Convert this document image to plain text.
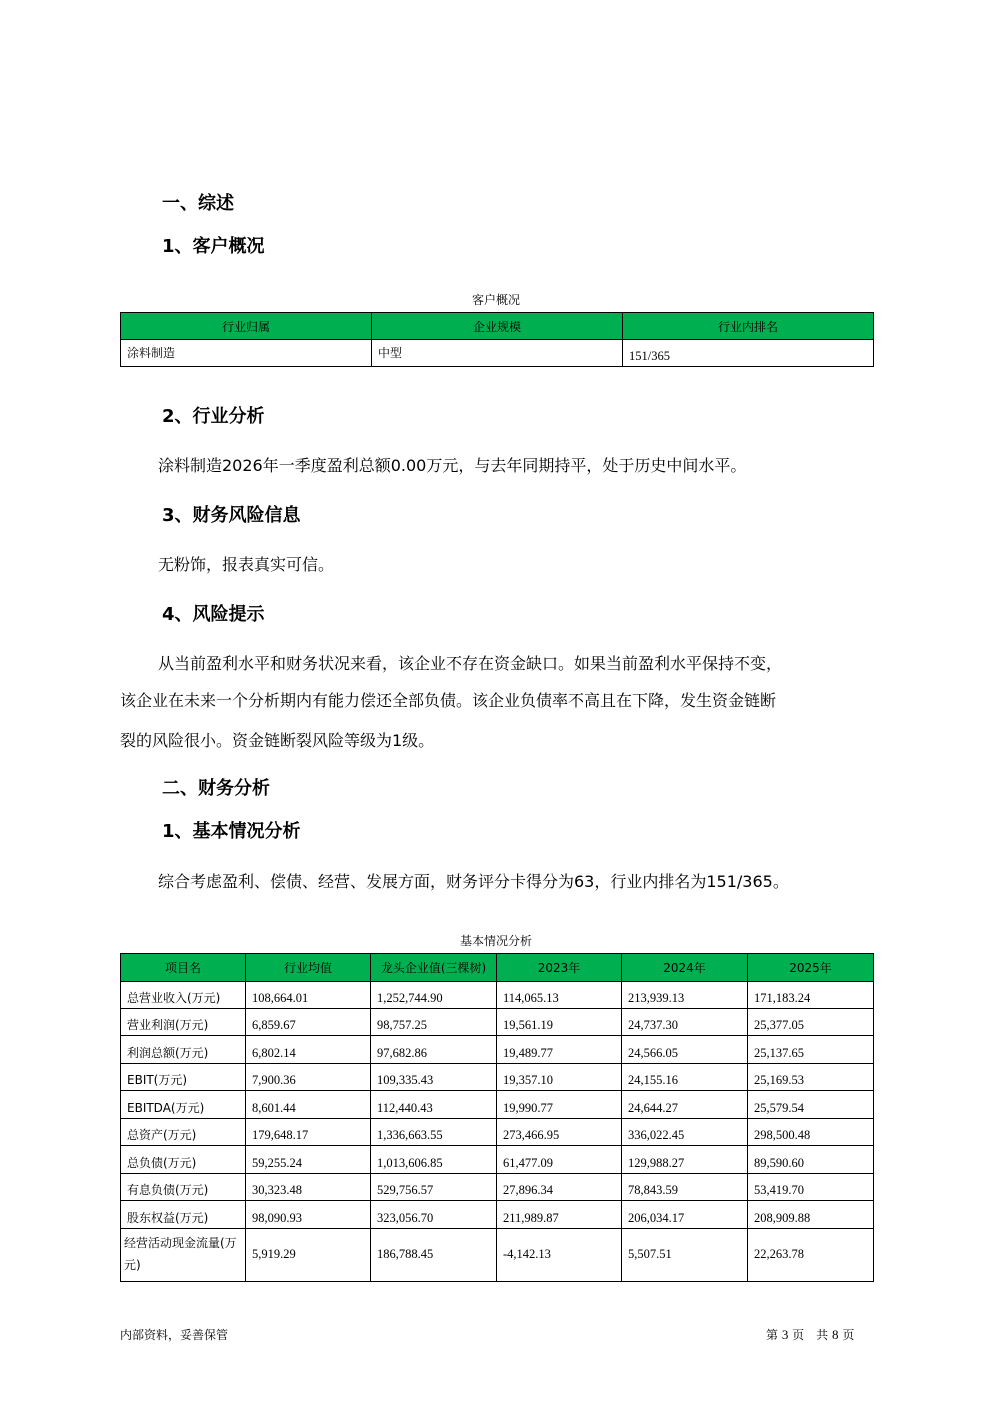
一、综述
1、客户概况
客户概况
行业归属	企业规模	行业内排名
涂料制造	中型	151/365
2、行业分析
涂料制造2026年一季度盈利总额0.00万元，与去年同期持平，处于历史中间水平。
3、财务风险信息
无粉饰，报表真实可信。
4、风险提示
从当前盈利水平和财务状况来看，该企业不存在资金缺口。如果当前盈利水平保持不变，
该企业在未来一个分析期内有能力偿还全部负债。该企业负债率不高且在下降，发生资金链断
裂的风险很小。资金链断裂风险等级为1级。
二、财务分析
1、基本情况分析
综合考虑盈利、偿债、经营、发展方面，财务评分卡得分为63，行业内排名为151/365。
基本情况分析
项目名	行业均值	龙头企业值(三棵树)	2023年	2024年	2025年
总营业收入(万元)	108,664.01	1,252,744.90	114,065.13	213,939.13	171,183.24
营业利润(万元)	6,859.67	98,757.25	19,561.19	24,737.30	25,377.05
利润总额(万元)	6,802.14	97,682.86	19,489.77	24,566.05	25,137.65
EBIT(万元)	7,900.36	109,335.43	19,357.10	24,155.16	25,169.53
EBITDA(万元)	8,601.44	112,440.43	19,990.77	24,644.27	25,579.54
总资产(万元)	179,648.17	1,336,663.55	273,466.95	336,022.45	298,500.48
总负债(万元)	59,255.24	1,013,606.85	61,477.09	129,988.27	89,590.60
有息负债(万元)	30,323.48	529,756.57	27,896.34	78,843.59	53,419.70
股东权益(万元)	98,090.93	323,056.70	211,989.87	206,034.17	208,909.88
经营活动现金流量(万元)	5,919.29	186,788.45	-4,142.13	5,507.51	22,263.78
内部资料，妥善保管	第 3 页　共 8 页
